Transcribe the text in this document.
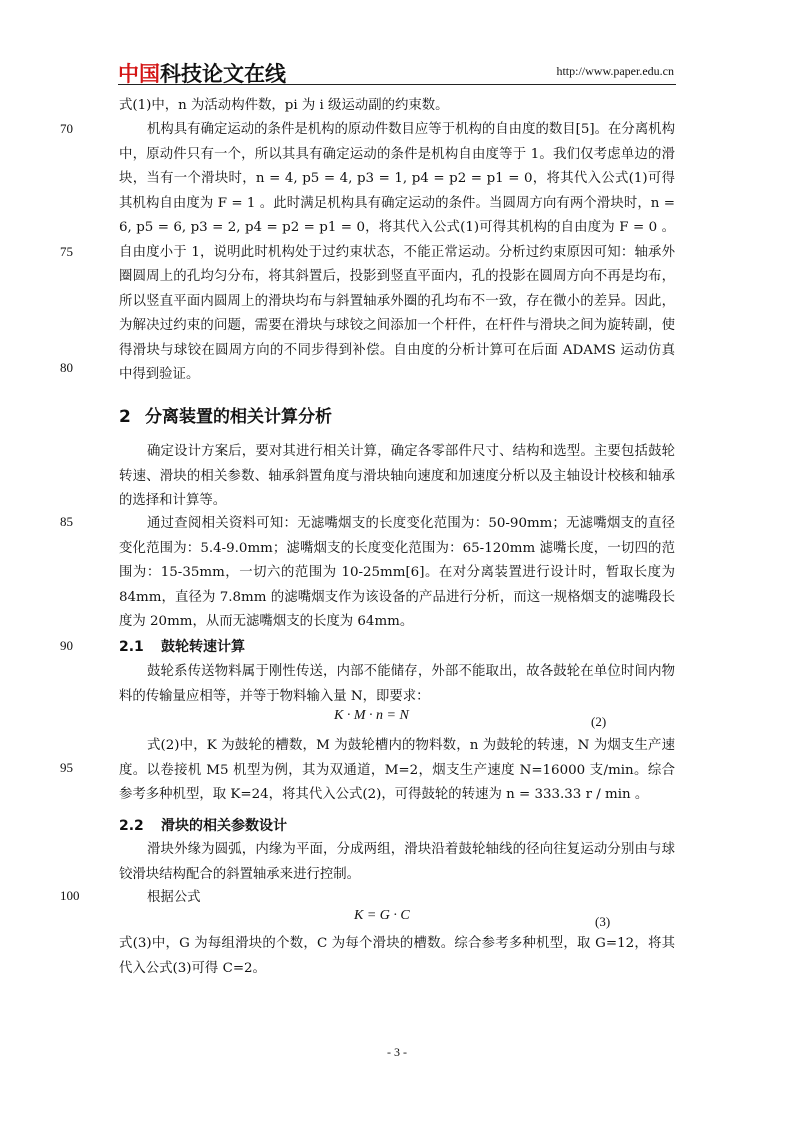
中国科技论文在线	http://www.paper.edu.cn
70
75
80
85
90
95
100
式(1)中，n 为活动构件数，pi 为 i 级运动副的约束数。
机构具有确定运动的条件是机构的原动件数目应等于机构的自由度的数目[5]。在分离机构中，原动件只有一个，所以其具有确定运动的条件是机构自由度等于 1。我们仅考虑单边的滑块，当有一个滑块时，n = 4, p5 = 4, p3 = 1, p4 = p2 = p1 = 0，将其代入公式(1)可得其机构自由度为 F = 1 。此时满足机构具有确定运动的条件。当圆周方向有两个滑块时，n = 6, p5 = 6, p3 = 2, p4 = p2 = p1 = 0，将其代入公式(1)可得其机构的自由度为 F = 0 。自由度小于 1，说明此时机构处于过约束状态，不能正常运动。分析过约束原因可知：轴承外圈圆周上的孔均匀分布，将其斜置后，投影到竖直平面内，孔的投影在圆周方向不再是均布，所以竖直平面内圆周上的滑块均布与斜置轴承外圈的孔均布不一致，存在微小的差异。因此，为解决过约束的问题，需要在滑块与球铰之间添加一个杆件，在杆件与滑块之间为旋转副，使得滑块与球铰在圆周方向的不同步得到补偿。自由度的分析计算可在后面 ADAMS 运动仿真中得到验证。
2 分离装置的相关计算分析
确定设计方案后，要对其进行相关计算，确定各零部件尺寸、结构和选型。主要包括鼓轮转速、滑块的相关参数、轴承斜置角度与滑块轴向速度和加速度分析以及主轴设计校核和轴承的选择和计算等。
通过查阅相关资料可知：无滤嘴烟支的长度变化范围为：50-90mm；无滤嘴烟支的直径变化范围为：5.4-9.0mm；滤嘴烟支的长度变化范围为：65-120mm 滤嘴长度，一切四的范围为：15-35mm，一切六的范围为 10-25mm[6]。在对分离装置进行设计时，暂取长度为 84mm，直径为 7.8mm 的滤嘴烟支作为该设备的产品进行分析，而这一规格烟支的滤嘴段长度为 20mm，从而无滤嘴烟支的长度为 64mm。
2.1 鼓轮转速计算
鼓轮系传送物料属于刚性传送，内部不能储存，外部不能取出，故各鼓轮在单位时间内物料的传输量应相等，并等于物料输入量 N，即要求：
K · M · n = N	(2)
式(2)中，K 为鼓轮的槽数，M 为鼓轮槽内的物料数，n 为鼓轮的转速，N 为烟支生产速度。以卷接机 M5 机型为例，其为双通道，M=2，烟支生产速度 N=16000 支/min。综合参考多种机型，取 K=24，将其代入公式(2)，可得鼓轮的转速为 n = 333.33 r / min 。
2.2 滑块的相关参数设计
滑块外缘为圆弧，内缘为平面，分成两组，滑块沿着鼓轮轴线的径向往复运动分别由与球铰滑块结构配合的斜置轴承来进行控制。
根据公式
K = G · C	(3)
式(3)中，G 为每组滑块的个数，C 为每个滑块的槽数。综合参考多种机型，取 G=12，将其代入公式(3)可得 C=2。
- 3 -
